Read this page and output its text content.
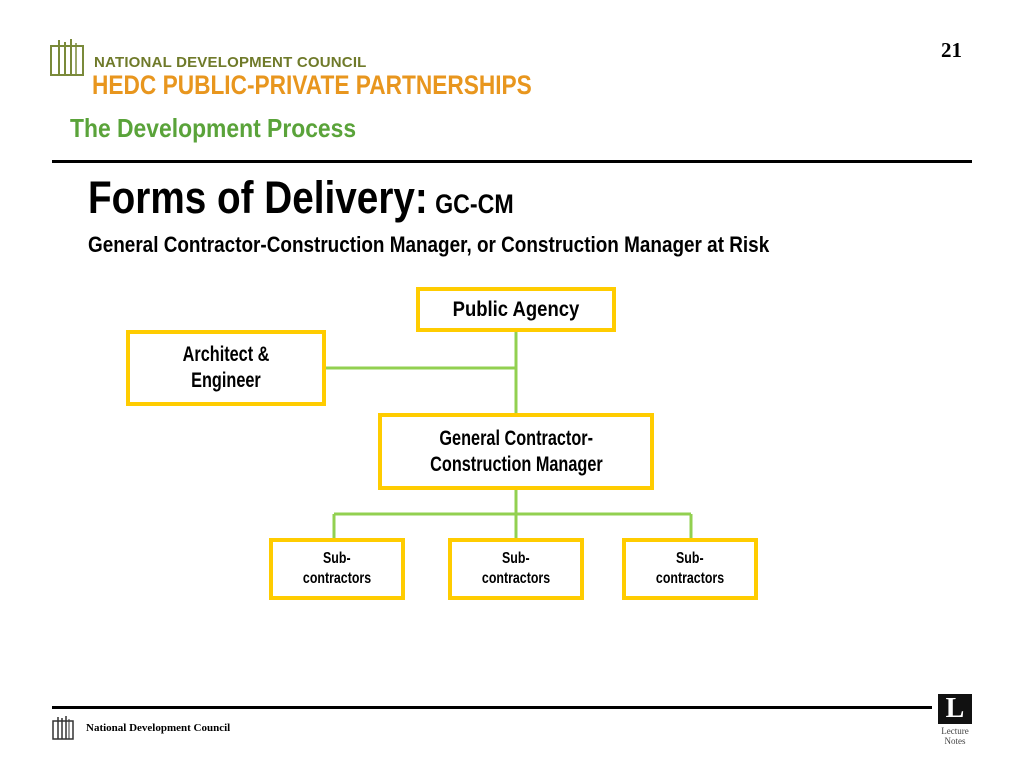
NATIONAL DEVELOPMENT COUNCIL
HEDC PUBLIC-PRIVATE PARTNERSHIPS
The Development Process
21
Forms of Delivery: GC-CM
General Contractor-Construction Manager, or Construction Manager at Risk
Public Agency
Architect &
Engineer
General Contractor-
Construction Manager
Sub-
contractors
Sub-
contractors
Sub-
contractors
National Development Council
L
Lecture
Notes
